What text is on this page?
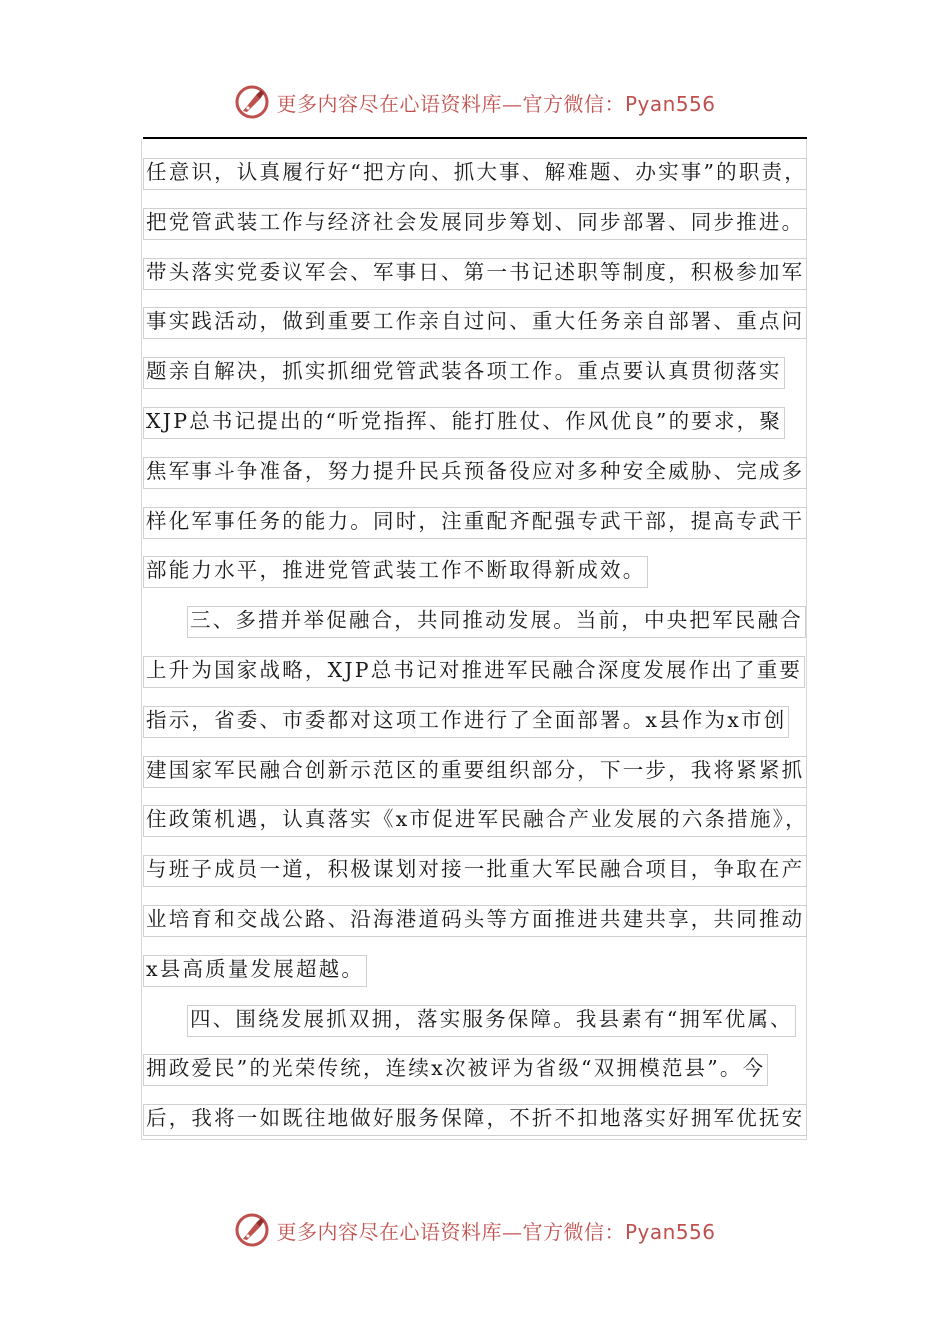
更多内容尽在心语资料库—官方微信：Pyan556
任意识，认真履行好“把方向、抓大事、解难题、办实事”的职责，
把党管武装工作与经济社会发展同步筹划、同步部署、同步推进。
带头落实党委议军会、军事日、第一书记述职等制度，积极参加军
事实践活动，做到重要工作亲自过问、重大任务亲自部署、重点问
题亲自解决，抓实抓细党管武装各项工作。重点要认真贯彻落实
XJP总书记提出的“听党指挥、能打胜仗、作风优良”的要求，聚
焦军事斗争准备，努力提升民兵预备役应对多种安全威胁、完成多
样化军事任务的能力。同时，注重配齐配强专武干部，提高专武干
部能力水平，推进党管武装工作不断取得新成效。
三、多措并举促融合，共同推动发展。当前，中央把军民融合
上升为国家战略，XJP总书记对推进军民融合深度发展作出了重要
指示，省委、市委都对这项工作进行了全面部署。x县作为x市创
建国家军民融合创新示范区的重要组织部分，下一步，我将紧紧抓
住政策机遇，认真落实《x市促进军民融合产业发展的六条措施》，
与班子成员一道，积极谋划对接一批重大军民融合项目，争取在产
业培育和交战公路、沿海港道码头等方面推进共建共享，共同推动
x县高质量发展超越。
四、围绕发展抓双拥，落实服务保障。我县素有“拥军优属、
拥政爱民”的光荣传统，连续x次被评为省级“双拥模范县”。今
后，我将一如既往地做好服务保障，不折不扣地落实好拥军优抚安
更多内容尽在心语资料库—官方微信：Pyan556
